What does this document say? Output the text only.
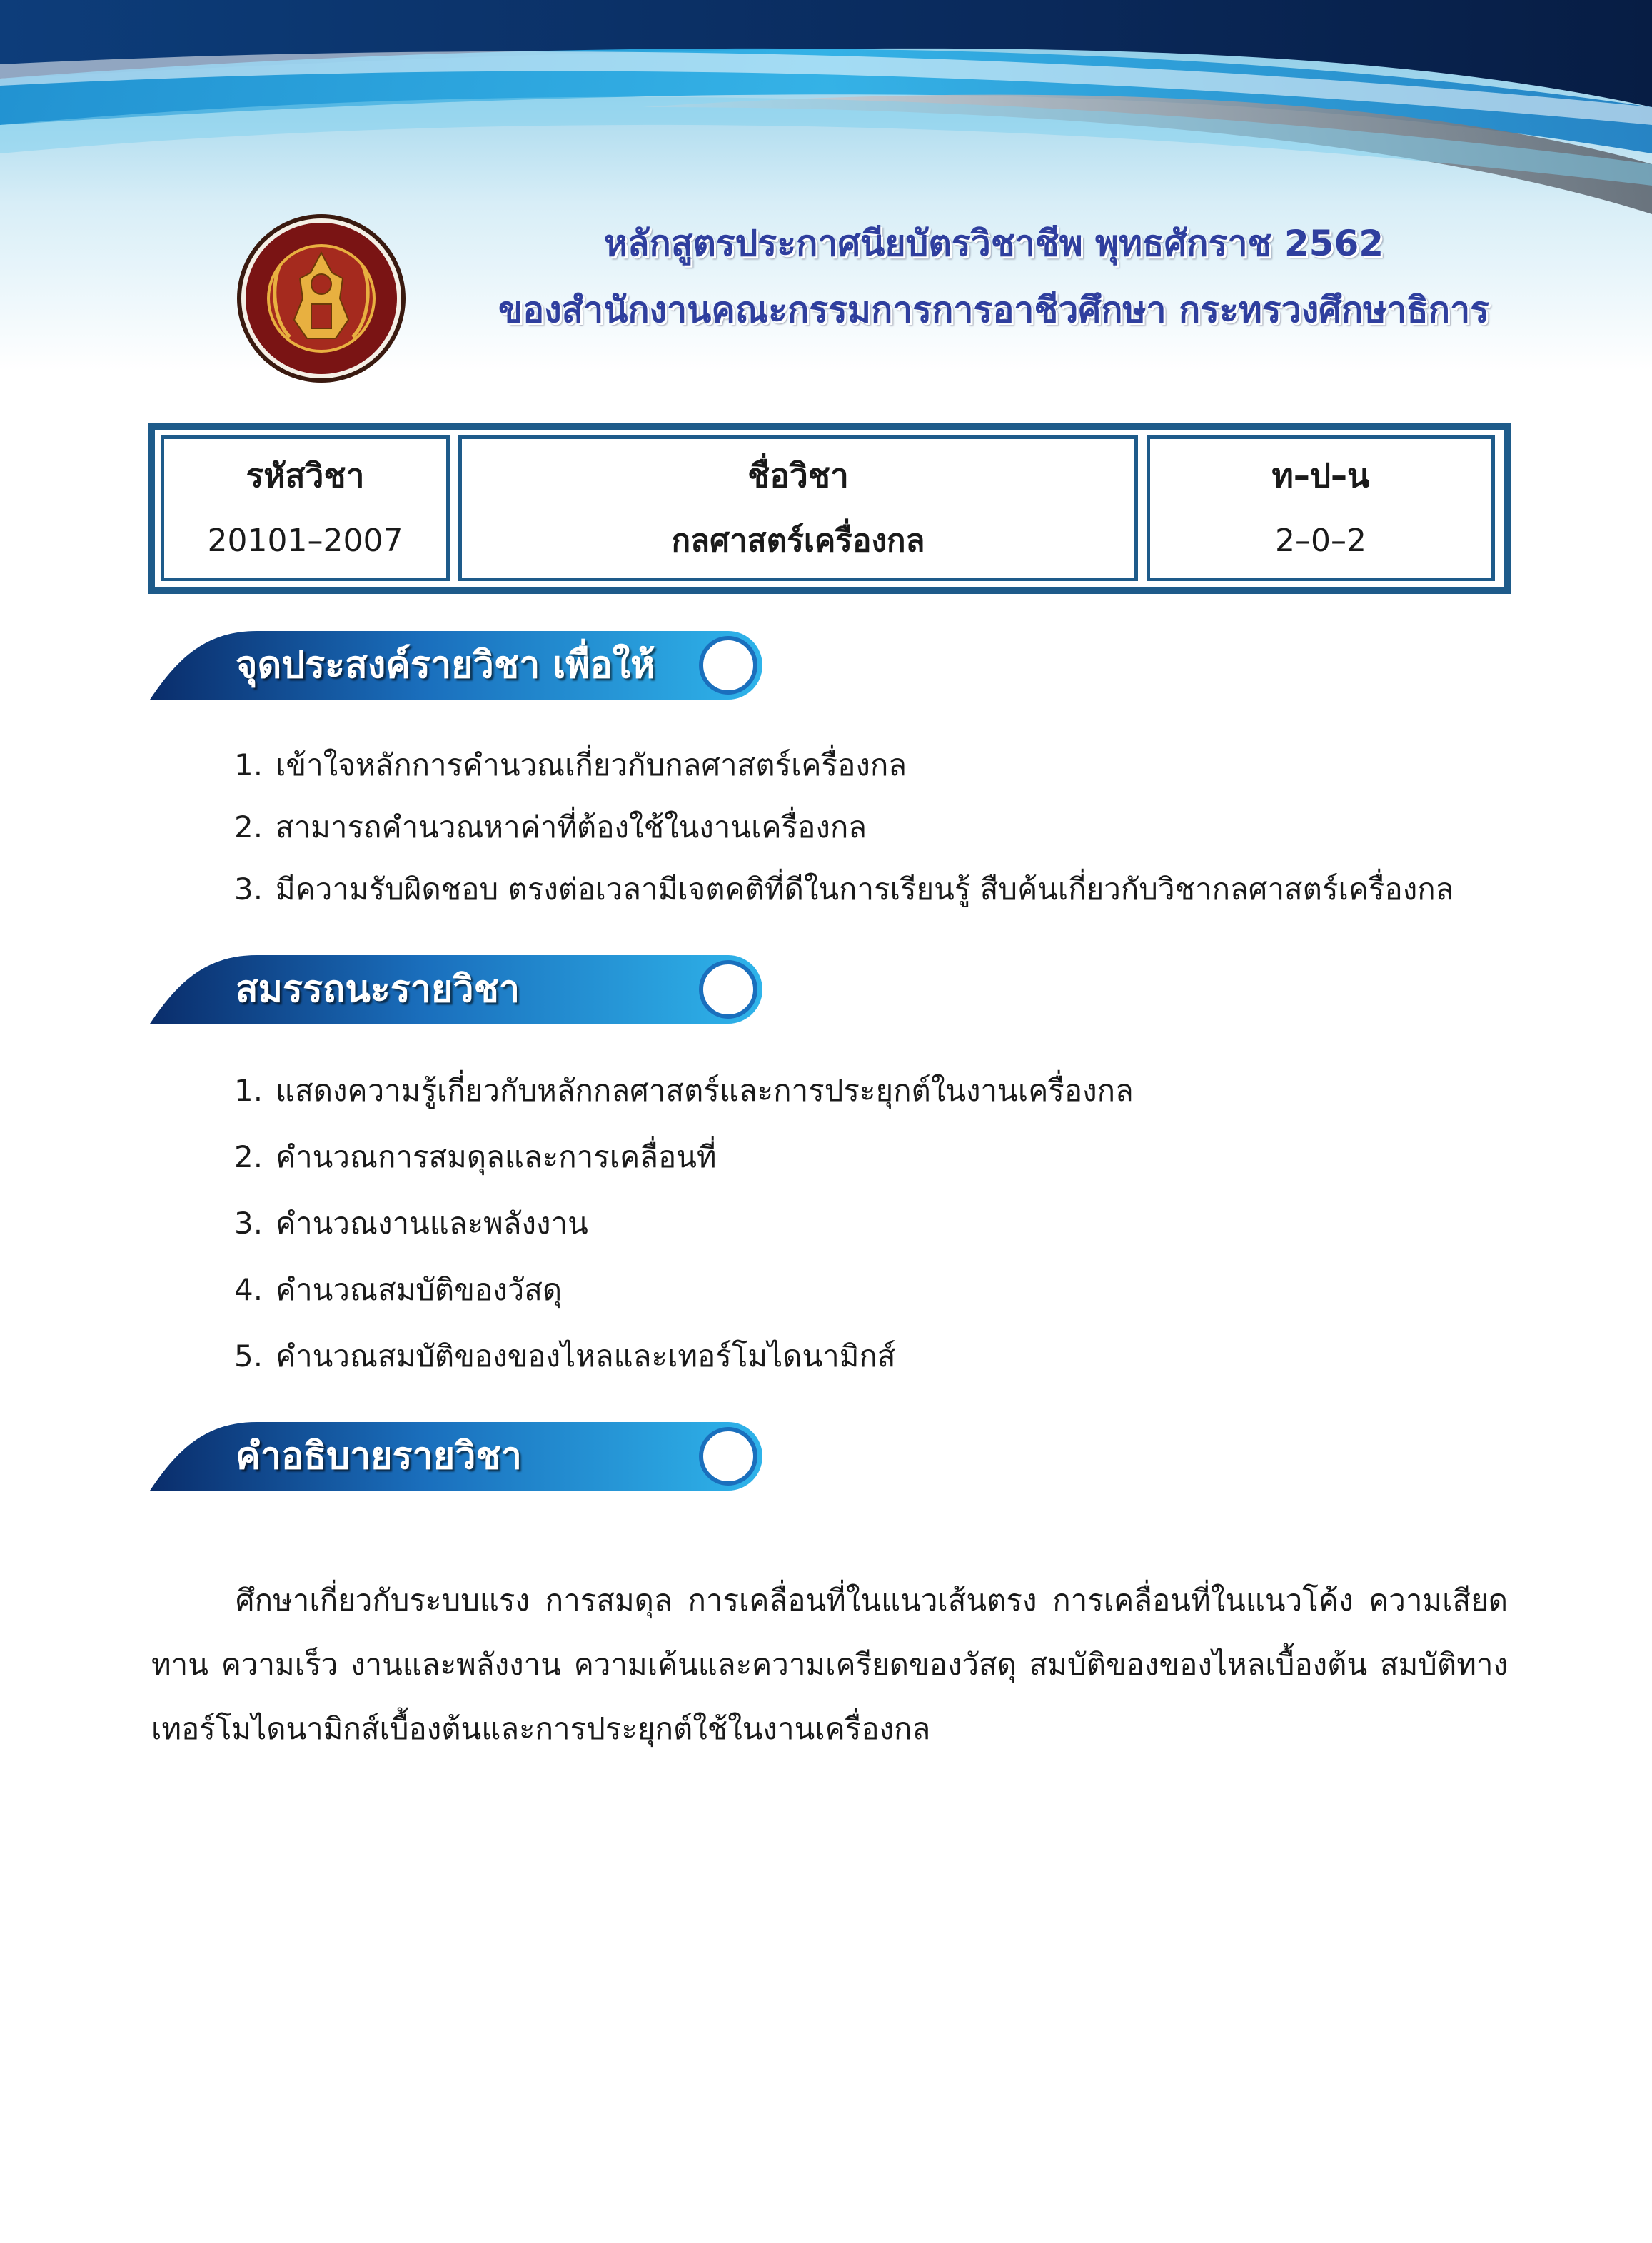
หลักสูตรประกาศนียบัตรวิชาชีพ พุทธศักราช 2562
ของสำนักงานคณะกรรมการการอาชีวศึกษา กระทรวงศึกษาธิการ
รหัสวิชา
20101–2007
ชื่อวิชา
กลศาสตร์เครื่องกล
ท–ป–น
2–0–2
จุดประสงค์รายวิชา เพื่อให้
1. เข้าใจหลักการคำนวณเกี่ยวกับกลศาสตร์เครื่องกล
2. สามารถคำนวณหาค่าที่ต้องใช้ในงานเครื่องกล
3. มีความรับผิดชอบ ตรงต่อเวลามีเจตคติที่ดีในการเรียนรู้ สืบค้นเกี่ยวกับวิชากลศาสตร์เครื่องกล
สมรรถนะรายวิชา
1. แสดงความรู้เกี่ยวกับหลักกลศาสตร์และการประยุกต์ในงานเครื่องกล
2. คำนวณการสมดุลและการเคลื่อนที่
3. คำนวณงานและพลังงาน
4. คำนวณสมบัติของวัสดุ
5. คำนวณสมบัติของของไหลและเทอร์โมไดนามิกส์
คำอธิบายรายวิชา

ศึกษาเกี่ยวกับระบบแรง การสมดุล การเคลื่อนที่ในแนวเส้นตรง การเคลื่อนที่ในแนวโค้ง ความเสียดทาน ความเร็ว งานและพลังงาน ความเค้นและความเครียดของวัสดุ สมบัติของของไหลเบื้องต้น สมบัติทางเทอร์โมไดนามิกส์เบื้องต้นและการประยุกต์ใช้ในงานเครื่องกล
